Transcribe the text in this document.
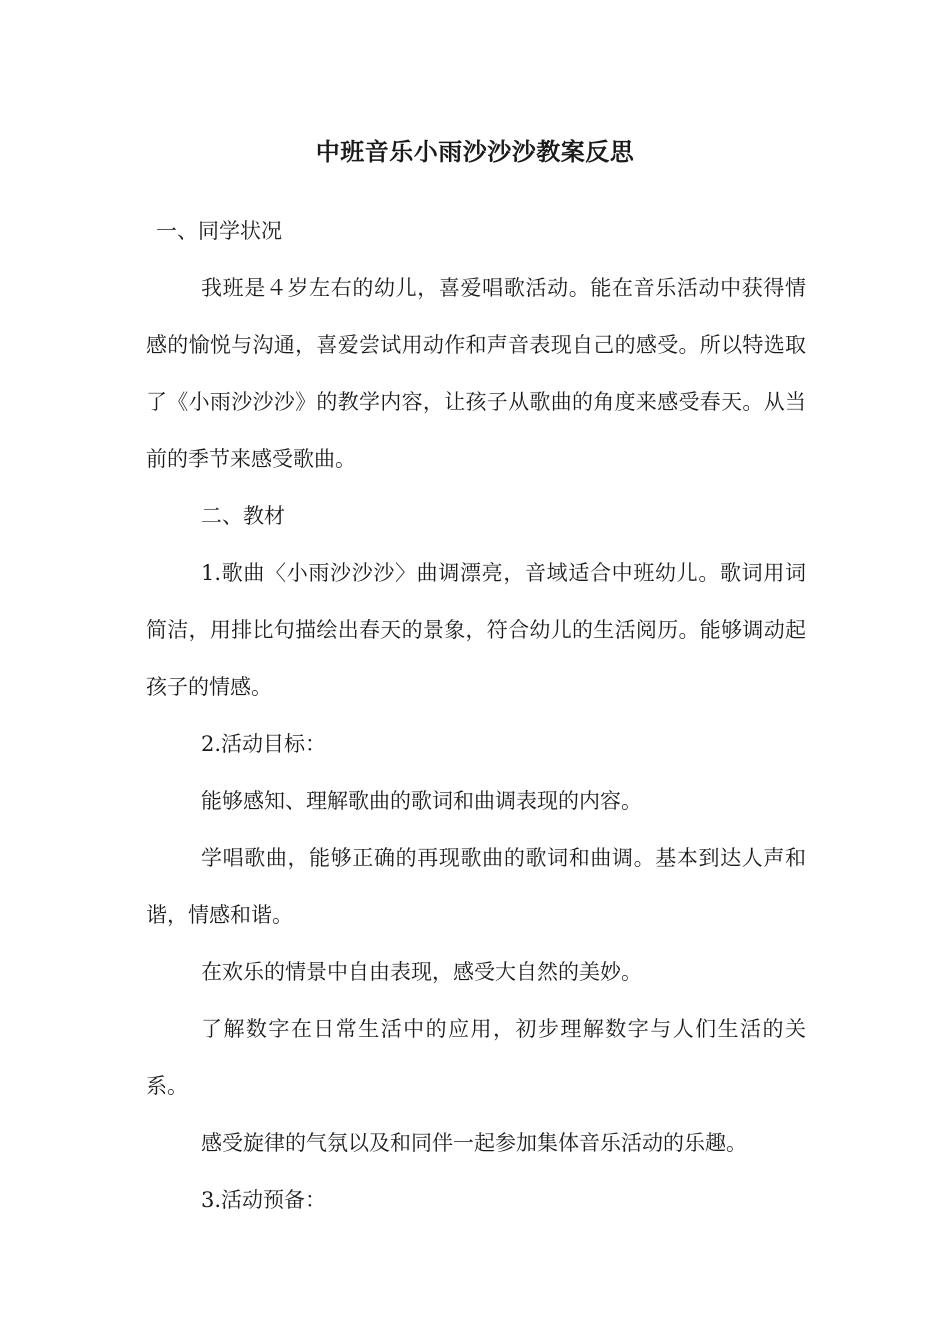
中班音乐小雨沙沙沙教案反思

一、同学状况

我班是４岁左右的幼儿，喜爱唱歌活动。能在音乐活动中获得情感的愉悦与沟通，喜爱尝试用动作和声音表现自己的感受。所以特选取了《小雨沙沙沙》的教学内容，让孩子从歌曲的角度来感受春天。从当前的季节来感受歌曲。

二、教材

1.歌曲〈小雨沙沙沙〉曲调漂亮，音域适合中班幼儿。歌词用词简洁，用排比句描绘出春天的景象，符合幼儿的生活阅历。能够调动起孩子的情感。

2.活动目标：

能够感知、理解歌曲的歌词和曲调表现的内容。

学唱歌曲，能够正确的再现歌曲的歌词和曲调。基本到达人声和谐，情感和谐。

在欢乐的情景中自由表现，感受大自然的美妙。

了解数字在日常生活中的应用，初步理解数字与人们生活的关系。

感受旋律的气氛以及和同伴一起参加集体音乐活动的乐趣。

3.活动预备：
